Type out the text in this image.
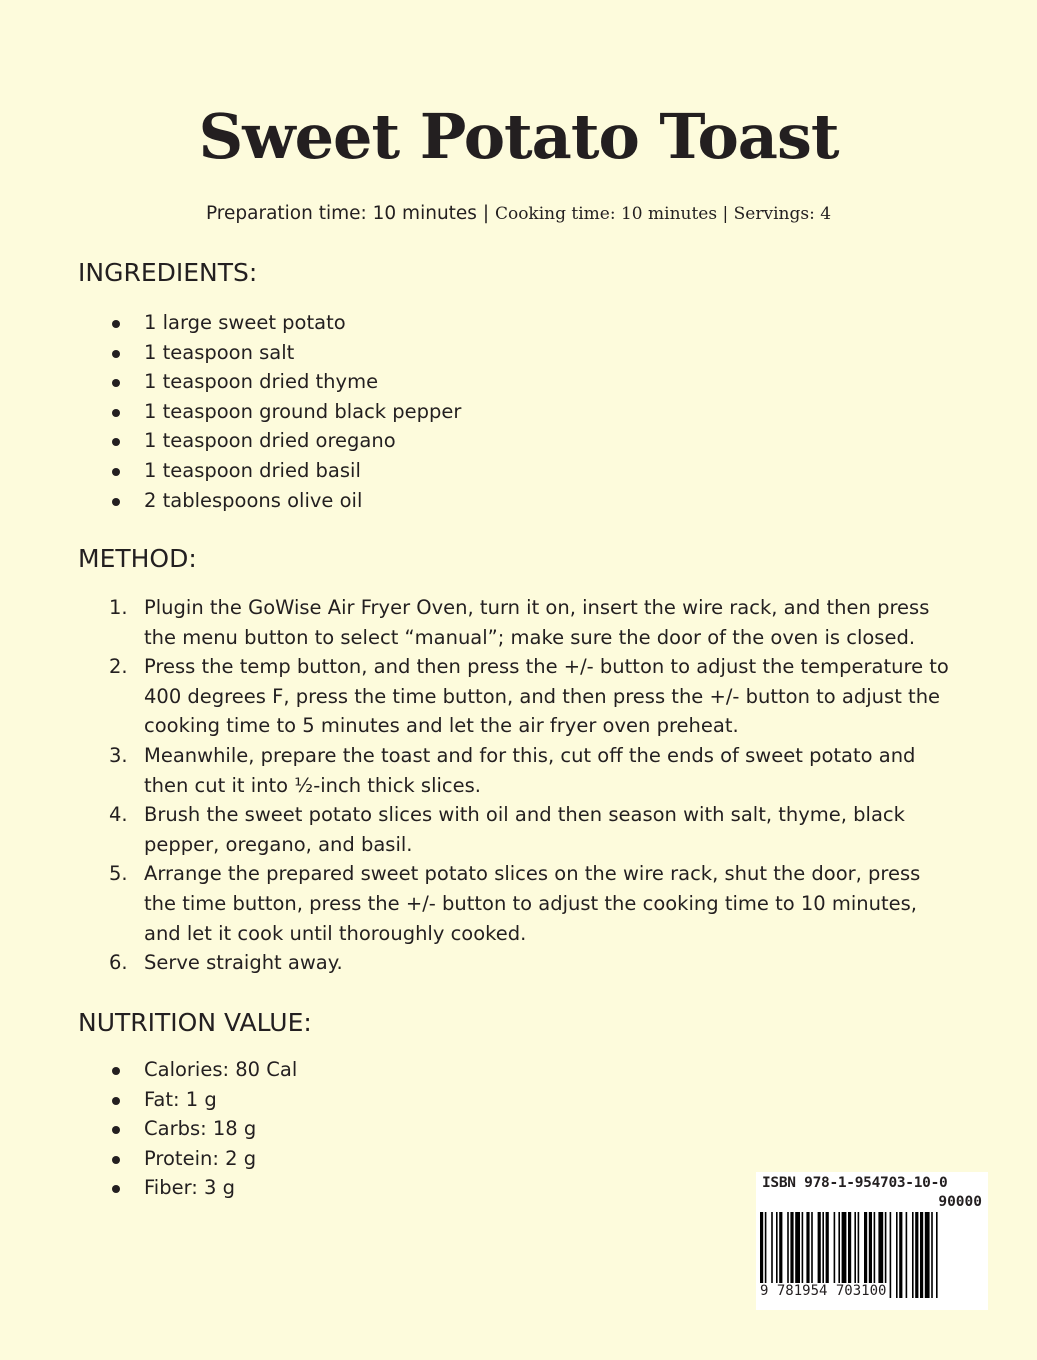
Sweet Potato Toast
Preparation time: 10 minutes | Cooking time: 10 minutes | Servings: 4
INGREDIENTS:
1 large sweet potato
1 teaspoon salt
1 teaspoon dried thyme
1 teaspoon ground black pepper
1 teaspoon dried oregano
1 teaspoon dried basil
2 tablespoons olive oil
METHOD:
1. Plugin the GoWise Air Fryer Oven, turn it on, insert the wire rack, and then press the menu button to select “manual”; make sure the door of the oven is closed.
2. Press the temp button, and then press the +/- button to adjust the temperature to 400 degrees F, press the time button, and then press the +/- button to adjust the cooking time to 5 minutes and let the air fryer oven preheat.
3. Meanwhile, prepare the toast and for this, cut off the ends of sweet potato and then cut it into ½-inch thick slices.
4. Brush the sweet potato slices with oil and then season with salt, thyme, black pepper, oregano, and basil.
5. Arrange the prepared sweet potato slices on the wire rack, shut the door, press the time button, press the +/- button to adjust the cooking time to 10 minutes, and let it cook until thoroughly cooked.
6. Serve straight away.
NUTRITION VALUE:
Calories: 80 Cal
Fat: 1 g
Carbs: 18 g
Protein: 2 g
Fiber: 3 g	ISBN 978-1-954703-10-0
90000
9 781954 703100
